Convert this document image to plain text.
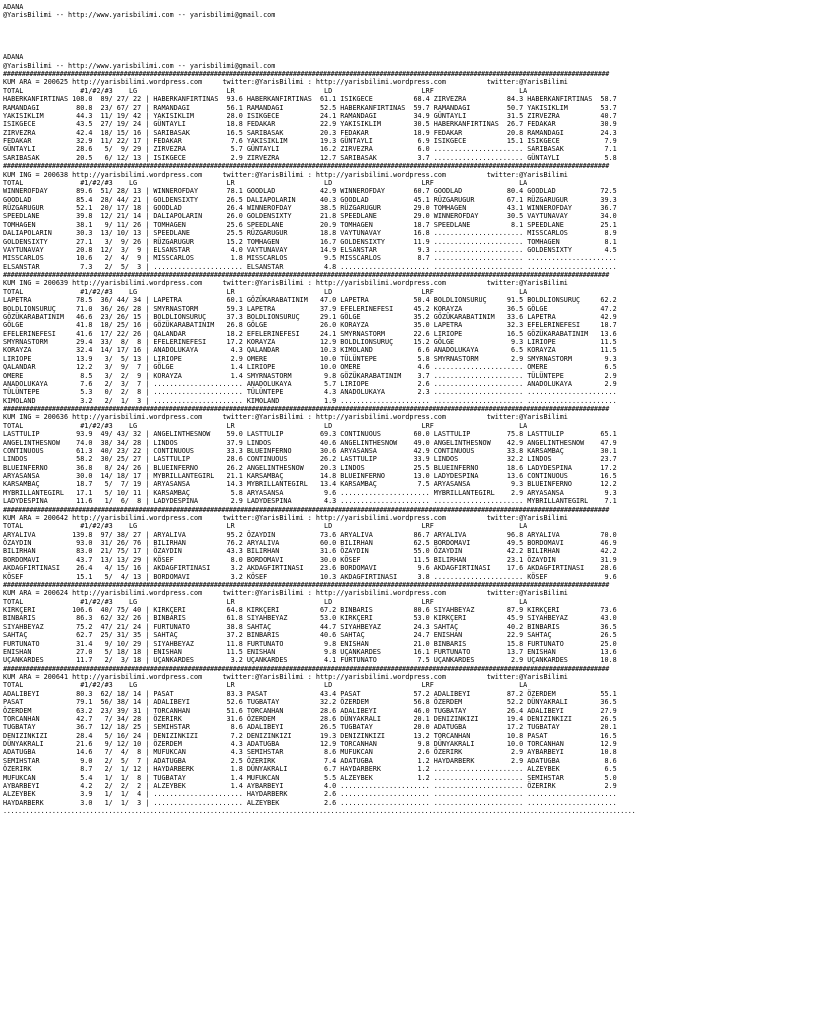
ADANA
@YarisBilimi -- http://www.yarisbilimi.com -- yarisbilimi@gmail.com
ADANA
@YarisBilimi -- http://www.yarisbilimi.com -- yarisbilimi@gmail.com
#################################################################################################################################################################
KUM ARA = 200625 http://yarisbilimi.wordpress.com     twitter:@YarisBilimi : http://yarisbilimi.wordpress.com          twitter:@YarisBilimi
TOTAL              #1/#2/#3    LG                      LR                      LD                      LRF                     LA
HABERKANFIRTINAS 108.0  89/ 27/ 22 | HABERKANFIRTINAS  93.6 HABERKANFIRTINAS  61.1 ISIKGECE          68.4 ZIRVEZRA          84.3 HABERKANFIRTINAS  58.7
RAMANDAGI         80.8  23/ 67/ 27 | RAMANDAGI         56.1 RAMANDAGI         52.5 HABERKANFIRTINAS  59.7 RAMANDAGI         50.7 YAKISIKLIM        53.7
YAKISIKLIM        44.3  11/ 19/ 42 | YAKISIKLIM        28.0 ISIKGECE          24.1 RAMANDAGI         34.9 GÜNTAYLI          31.5 ZIRVEZRA          40.7
ISIKGECE          43.5  27/ 19/ 24 | GÜNTAYLI          18.8 FEDAKAR           22.9 YAKISIKLIM        30.5 HABERKANFIRTINAS  26.7 FEDAKAR           30.9
ZIRVEZRA          42.4  18/ 15/ 16 | SARIBASAK         16.5 SARIBASAK         20.3 FEDAKAR           18.9 FEDAKAR           20.8 RAMANDAGI         24.3
FEDAKAR           32.9  11/ 22/ 17 | FEDAKAR            7.6 YAKISIKLIM        19.3 GÜNTAYLI           6.9 ISIKGECE          15.1 ISIKGECE           7.9
GÜNTAYLI          28.6   5/  9/ 29 | ZIRVEZRA           5.7 GÜNTAYLI          16.2 ZIRVEZRA           6.0 ...................... SARIBASAK          7.1
SARIBASAK         20.5   6/ 12/ 13 | ISIKGECE           2.9 ZIRVEZRA          12.7 SARIBASAK          3.7 ...................... GÜNTAYLI           5.8
#################################################################################################################################################################
KUM ING = 200638 http://yarisbilimi.wordpress.com     twitter:@YarisBilimi : http://yarisbilimi.wordpress.com          twitter:@YarisBilimi
TOTAL              #1/#2/#3    LG                      LR                      LD                      LRF                     LA
WINNEROFDAY       89.6  51/ 28/ 13 | WINNEROFDAY       78.1 GOODLAD           42.9 WINNEROFDAY       60.7 GOODLAD           80.4 GOODLAD           72.5
GOODLAD           85.4  28/ 44/ 21 | GOLDENSIXTY       26.5 DALIAPOLARIN      40.3 GOODLAD           45.1 RÜZGARUGUR        67.1 RÜZGARUGUR        39.3
RÜZGARUGUR        52.1  20/ 17/ 18 | GOODLAD           26.4 WINNEROFDAY       38.5 RÜZGARUGUR        29.0 TOMHAGEN          43.1 WINNEROFDAY       36.7
SPEEDLANE         39.8  12/ 21/ 14 | DALIAPOLARIN      26.0 GOLDENSIXTY       21.8 SPEEDLANE         29.0 WINNEROFDAY       30.5 VAYTUNAVAY        34.0
TOMHAGEN          38.1   9/ 11/ 26 | TOMHAGEN          25.6 SPEEDLANE         20.9 TOMHAGEN          18.7 SPEEDLANE          8.1 SPEEDLANE         25.1
DALIAPOLARIN      30.3  13/ 10/ 13 | SPEEDLANE         25.5 RÜZGARUGUR        18.8 VAYTUNAVAY        16.8 ...................... MISSCARLOS         8.9
GOLDENSIXTY       27.1   3/  9/ 26 | RÜZGARUGUR        15.2 TOMHAGEN          16.7 GOLDENSIXTY       11.9 ...................... TOMHAGEN           8.1
VAYTUNAVAY        20.8  12/  3/  9 | ELSANSTAR          4.0 VAYTUNAVAY        14.9 ELSANSTAR          9.3 ...................... GOLDENSIXTY        4.5
MISSCARLOS        10.6   2/  4/  9 | MISSCARLOS         1.8 MISSCARLOS         9.5 MISSCARLOS         8.7 ...................... ......................
ELSANSTAR          7.3   2/  5/  3 | ...................... ELSANSTAR          4.8 ...................... ...................... ......................
#################################################################################################################################################################
KUM ING = 200639 http://yarisbilimi.wordpress.com     twitter:@YarisBilimi : http://yarisbilimi.wordpress.com          twitter:@YarisBilimi
TOTAL              #1/#2/#3    LG                      LR                      LD                      LRF                     LA
LAPETRA           78.5  36/ 44/ 34 | LAPETRA           60.1 GÖZÜKARABATINIM   47.0 LAPETRA           50.4 BOLDLIONSURUÇ     91.5 BOLDLIONSURUÇ     62.2
BOLDLIONSURUÇ     71.0  36/ 26/ 28 | SMYRNASTORM       59.3 LAPETRA           37.9 EFELERINEFESI     45.2 KORAYZA           36.5 GÖLGE             47.2
GÖZÜKARABATINIM   46.6  23/ 26/ 15 | BOLDLIONSURUÇ     37.3 BOLDLIONSURUÇ     29.1 GÖLGE             35.2 GÖZÜKARABATINIM   33.6 LAPETRA           42.9
GÖLGE             41.8  18/ 25/ 16 | GÖZÜKARABATINIM   26.8 GÖLGE             26.0 KORAYZA           35.0 LAPETRA           32.3 EFELERINEFESI     18.7
EFELERINEFESI     41.6  17/ 22/ 26 | QALANDAR          18.2 EFELERINEFESI     24.1 SMYRNASTORM       22.6 LIRIOPE           16.5 GÖZÜKARABATINIM   13.6
SMYRNASTORM       29.4  33/  8/  8 | EFELERINEFESI     17.2 KORAYZA           12.9 BOLDLIONSURUÇ     15.2 GÖLGE              9.3 LIRIOPE           11.5
KORAYZA           32.4  14/ 17/ 16 | ANADOLUKAYA        4.3 QALANDAR          10.3 KIMOLAND           6.6 ANADOLUKAYA        6.5 KORAYZA           11.5
LIRIOPE           13.9   3/  5/ 13 | LIRIOPE            2.9 OMERE             10.0 TÜLÜNTEPE          5.8 SMYRNASTORM        2.9 SMYRNASTORM        9.3
QALANDAR          12.2   3/  9/  7 | GÖLGE              1.4 LIRIOPE           10.0 OMERE              4.6 ...................... OMERE              6.5
OMERE              8.5   3/  2/  9 | KORAYZA            1.4 SMYRNASTORM        9.8 GÖZÜKARABATINIM    3.7 ...................... TÜLÜNTEPE          2.9
ANADOLUKAYA        7.6   2/  3/  7 | ...................... ANADOLUKAYA        5.7 LIRIOPE            2.6 ...................... ANADOLUKAYA        2.9
TÜLÜNTEPE          5.3   0/  2/  8 | ...................... TÜLÜNTEPE          4.3 ANADOLUKAYA        2.3 ...................... ......................
KIMOLAND           3.2   2/  1/  3 | ...................... KIMOLAND           1.9 ...................... ...................... ......................
#################################################################################################################################################################
KUM ING = 200636 http://yarisbilimi.wordpress.com     twitter:@YarisBilimi : http://yarisbilimi.wordpress.com          twitter:@YarisBilimi
TOTAL              #1/#2/#3    LG                      LR                      LD                      LRF                     LA
LASTTULIP         93.9  49/ 43/ 32 | ANGELINTHESNOW    59.0 LASTTULIP         69.3 CONTINUOUS        60.0 LASTTULIP         75.8 LASTTULIP         65.1
ANGELINTHESNOW    74.0  38/ 34/ 28 | LINDOS            37.9 LINDOS            40.6 ANGELINTHESNOW    49.0 ANGELINTHESNOW    42.9 ANGELINTHESNOW    47.9
CONTINUOUS        61.3  40/ 23/ 22 | CONTINUOUS        33.3 BLUEINFERNO       30.6 ARYASANSA         42.9 CONTINUOUS        33.8 KARSAMBAÇ         30.1
LINDOS            58.2  30/ 25/ 27 | LASTTULIP         28.6 CONTINUOUS        26.2 LASTTULIP         33.9 LINDOS            32.2 LINDOS            23.7
BLUEINFERNO       36.8   8/ 24/ 26 | BLUEINFERNO       26.2 ANGELINTHESNOW    20.3 LINDOS            25.5 BLUEINFERNO       18.6 LADYDESPINA       17.2
ARYASANSA         30.0  14/ 18/ 17 | MYBRILLANTEGIRL   21.1 KARSAMBAÇ         14.8 BLUEINFERNO       13.0 LADYDESPINA       13.6 CONTINUOUS        16.5
KARSAMBAÇ         18.7   5/  7/ 19 | ARYASANSA         14.3 MYBRILLANTEGIRL   13.4 KARSAMBAÇ          7.5 ARYASANSA          9.3 BLUEINFERNO       12.2
MYBRILLANTEGIRL   17.1   5/ 10/ 11 | KARSAMBAÇ          5.8 ARYASANSA          9.6 ...................... MYBRILLANTEGIRL    2.9 ARYASANSA          9.3
LADYDESPINA       11.6   1/  6/  8 | LADYDESPINA        2.9 LADYDESPINA        4.3 ...................... ...................... MYBRILLANTEGIRL    7.1
#################################################################################################################################################################
KUM ARA = 200642 http://yarisbilimi.wordpress.com     twitter:@YarisBilimi : http://yarisbilimi.wordpress.com          twitter:@YarisBilimi
TOTAL              #1/#2/#3    LG                      LR                      LD                      LRF                     LA
ARYALIVA         139.8  97/ 38/ 27 | ARYALIVA          95.2 ÖZAYDIN           73.6 ARYALIVA          86.7 ARYALIVA          96.8 ARYALIVA          70.0
ÖZAYDIN           93.0  31/ 26/ 76 | BILIRHAN          76.2 ARYALIVA          60.0 BILIRHAN          62.5 BORDOMAVI         49.5 BORDOMAVI         46.9
BILIRHAN          83.0  21/ 75/ 17 | ÖZAYDIN           43.3 BILIRHAN          31.6 ÖZAYDIN           55.0 ÖZAYDIN           42.2 BILIRHAN          42.2
BORDOMAVI         43.7  13/ 13/ 29 | KÖSEF              8.0 BORDOMAVI         30.0 KÖSEF             11.5 BILIRHAN          23.1 ÖZAYDIN           31.9
AKDAGFIRTINASI    26.4   4/ 15/ 16 | AKDAGFIRTINASI     3.2 AKDAGFIRTINASI    23.6 BORDOMAVI          9.6 AKDAGFIRTINASI    17.6 AKDAGFIRTINASI    28.6
KÖSEF             15.1   5/  4/ 13 | BORDOMAVI          3.2 KÖSEF             10.3 AKDAGFIRTINASI     3.8 ...................... KÖSEF              9.6
#################################################################################################################################################################
KUM ARA = 200624 http://yarisbilimi.wordpress.com     twitter:@YarisBilimi : http://yarisbilimi.wordpress.com          twitter:@YarisBilimi
TOTAL              #1/#2/#3    LG                      LR                      LD                      LRF                     LA
KIRKÇERI         106.6  40/ 75/ 40 | KIRKÇERI          64.8 KIRKÇERI          67.2 BINBARIS          80.6 SIYAHBEYAZ        87.9 KIRKÇERI          73.6
BINBARIS          86.3  62/ 32/ 26 | BINBARIS          61.8 SIYAHBEYAZ        53.0 KIRKÇERI          53.0 KIRKÇERI          45.9 SIYAHBEYAZ        43.0
SIYAHBEYAZ        75.2  47/ 21/ 24 | FURTUNATO         38.8 SAHTAÇ            44.7 SIYAHBEYAZ        24.3 SAHTAÇ            40.2 BINBARIS          36.5
SAHTAÇ            62.7  25/ 31/ 35 | SAHTAÇ            37.2 BINBARIS          40.6 SAHTAÇ            24.7 ENISHAN           22.9 SAHTAÇ            26.5
FURTUNATO         31.4   9/ 10/ 29 | SIYAHBEYAZ        11.8 FURTUNATO          9.8 ENISHAN           21.0 BINBARIS          15.8 FURTUNATO         25.0
ENISHAN           27.0   5/ 18/ 18 | ENISHAN           11.5 ENISHAN            9.8 UÇANKARDES        16.1 FURTUNATO         13.7 ENISHAN           13.6
UÇANKARDES        11.7   2/  3/ 18 | UÇANKARDES         3.2 UÇANKARDES         4.1 FURTUNATO          7.5 UÇANKARDES         2.9 UÇANKARDES        10.8
#################################################################################################################################################################
KUM ARA = 200641 http://yarisbilimi.wordpress.com     twitter:@YarisBilimi : http://yarisbilimi.wordpress.com          twitter:@YarisBilimi
TOTAL              #1/#2/#3    LG                      LR                      LD                      LRF                     LA
ADALIBEYI         80.3  62/ 18/ 14 | PASAT             83.3 PASAT             43.4 PASAT             57.2 ADALIBEYI         87.2 ÖZERDEM           55.1
PASAT             79.1  56/ 38/ 14 | ADALIBEYI         52.6 TUGBATAY          32.2 ÖZERDEM           56.8 ÖZERDEM           52.2 DÜNYAKRALI        36.5
ÖZERDEM           63.2  23/ 39/ 31 | TORCANHAN         51.6 TORCANHAN         28.6 ADALIBEYI         46.0 TUGBATAY          26.4 ADALIBEYI         27.9
TORCANHAN         42.7   7/ 34/ 28 | ÖZERIRK           31.6 ÖZERDEM           28.6 DÜNYAKRALI        20.1 DENIZINKIZI       19.4 DENIZINKIZI       26.5
TUGBATAY          36.7  12/ 18/ 25 | SEMIHSTAR          8.6 ADALIBEYI         26.5 TUGBATAY          20.0 ADATUGBA          17.2 TUGBATAY          20.1
DENIZINKIZI       28.4   5/ 16/ 24 | DENIZINKIZI        7.2 DENIZINKIZI       19.3 DENIZINKIZI       13.2 TORCANHAN         10.8 PASAT             16.5
DÜNYAKRALI        21.6   9/ 12/ 10 | ÖZERDEM            4.3 ADATUGBA          12.9 TORCANHAN          9.8 DÜNYAKRALI        10.0 TORCANHAN         12.9
ADATUGBA          14.6   7/  4/  8 | MUFUKCAN           4.3 SEMIHSTAR          8.6 MUFUKCAN           2.6 ÖZERIRK            2.9 AYBARBEYI         10.8
SEMIHSTAR          9.0   2/  5/  7 | ADATUGBA           2.5 ÖZERIRK            7.4 ADATUGBA           1.2 HAYDARBERK         2.9 ADATUGBA           8.6
ÖZERIRK            8.7   2/  1/ 12 | HAYDARBERK         1.8 DÜNYAKRALI         6.7 HAYDARBERK         1.2 ...................... ALZEYBEK           6.5
MUFUKCAN           5.4   1/  1/  8 | TUGBATAY           1.4 MUFUKCAN           5.5 ALZEYBEK           1.2 ...................... SEMIHSTAR          5.0
AYBARBEYI          4.2   2/  2/  2 | ALZEYBEK           1.4 AYBARBEYI          4.0 ...................... ...................... ÖZERIRK            2.9
ALZEYBEK           3.9   1/  1/  4 | ...................... HAYDARBERK         2.6 ...................... ...................... ......................
HAYDARBERK         3.0   1/  1/  3 | ...................... ALZEYBEK           2.6 ...................... ...................... ......................
........................................................................................................................................................................
